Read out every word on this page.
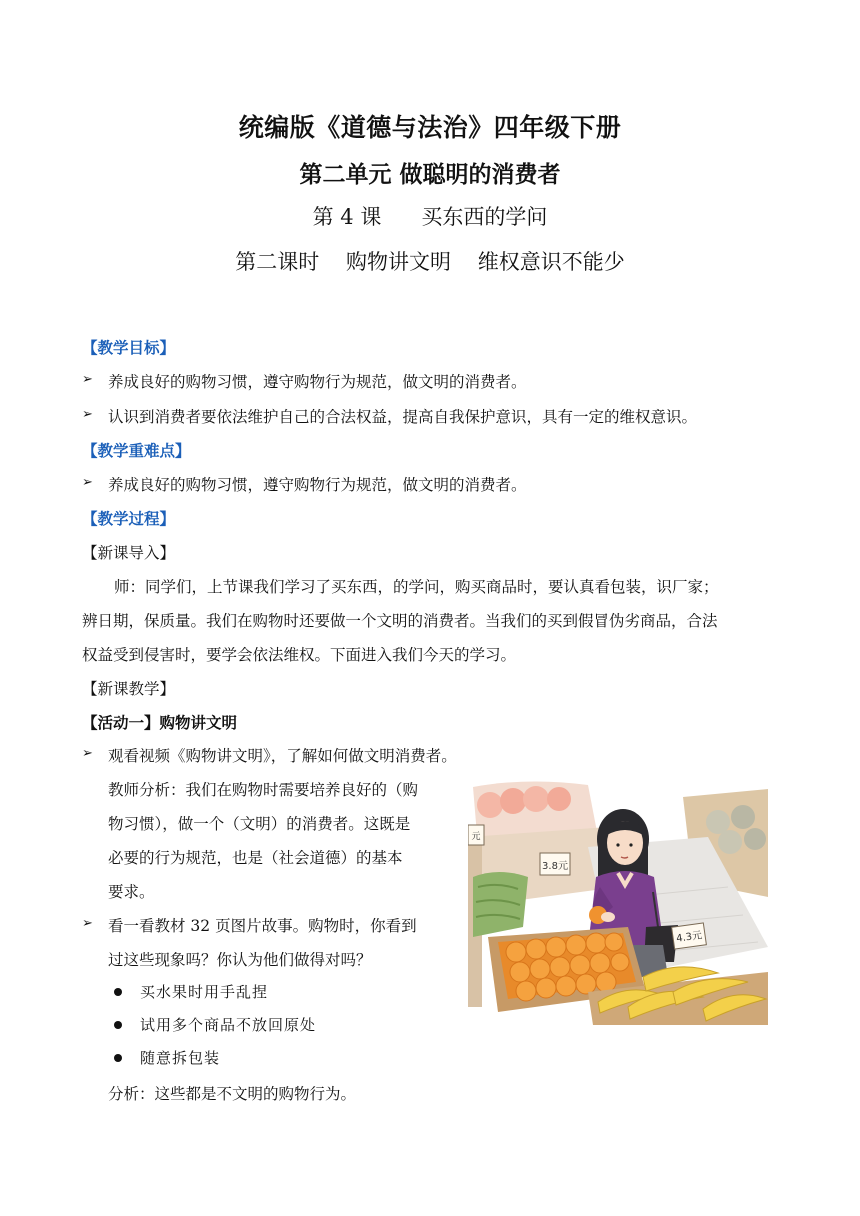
统编版《道德与法治》四年级下册
第二单元 做聪明的消费者
第 4 课      买东西的学问
第二课时    购物讲文明    维权意识不能少
【教学目标】
➢ 养成良好的购物习惯，遵守购物行为规范，做文明的消费者。
➢ 认识到消费者要依法维护自己的合法权益，提高自我保护意识，具有一定的维权意识。
【教学重难点】
➢ 养成良好的购物习惯，遵守购物行为规范，做文明的消费者。
【教学过程】
【新课导入】
师：同学们，上节课我们学习了买东西，的学问，购买商品时，要认真看包装，识厂家；
辨日期，保质量。我们在购物时还要做一个文明的消费者。当我们的买到假冒伪劣商品，合法
权益受到侵害时，要学会依法维权。下面进入我们今天的学习。
【新课教学】
【活动一】购物讲文明
➢ 观看视频《购物讲文明》，了解如何做文明消费者。
教师分析：我们在购物时需要培养良好的（购
物习惯），做一个（文明）的消费者。这既是
必要的行为规范，也是（社会道德）的基本
要求。
➢ 看一看教材 32 页图片故事。购物时，你看到
过这些现象吗？你认为他们做得对吗？
买水果时用手乱捏
试用多个商品不放回原处
随意拆包装
分析：这些都是不文明的购物行为。
3.8元
4.3元
元
